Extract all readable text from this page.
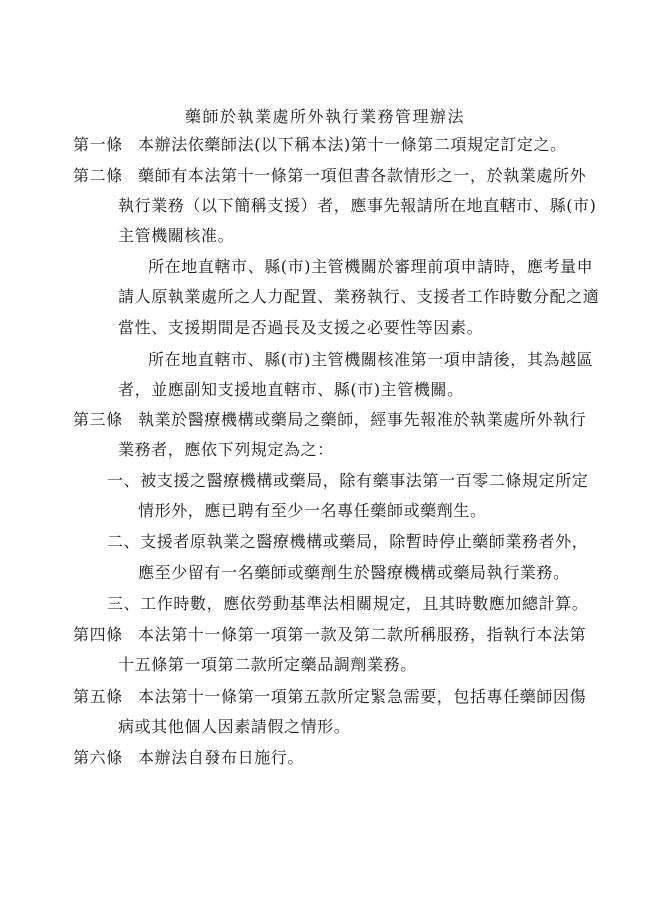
藥師於執業處所外執行業務管理辦法
第一條 本辦法依藥師法(以下稱本法)第十一條第二項規定訂定之。
第二條 藥師有本法第十一條第一項但書各款情形之一，於執業處所外
執行業務（以下簡稱支援）者，應事先報請所在地直轄市、縣(市)
主管機關核准。
所在地直轄市、縣(市)主管機關於審理前項申請時，應考量申
請人原執業處所之人力配置、業務執行、支援者工作時數分配之適
當性、支援期間是否過長及支援之必要性等因素。
所在地直轄市、縣(市)主管機關核准第一項申請後，其為越區
者，並應副知支援地直轄市、縣(市)主管機關。
第三條 執業於醫療機構或藥局之藥師，經事先報准於執業處所外執行
業務者，應依下列規定為之：
一、被支援之醫療機構或藥局，除有藥事法第一百零二條規定所定
情形外，應已聘有至少一名專任藥師或藥劑生。
二、支援者原執業之醫療機構或藥局，除暫時停止藥師業務者外，
應至少留有一名藥師或藥劑生於醫療機構或藥局執行業務。
三、工作時數，應依勞動基準法相關規定，且其時數應加總計算。
第四條 本法第十一條第一項第一款及第二款所稱服務，指執行本法第
十五條第一項第二款所定藥品調劑業務。
第五條 本法第十一條第一項第五款所定緊急需要，包括專任藥師因傷
病或其他個人因素請假之情形。
第六條 本辦法自發布日施行。
